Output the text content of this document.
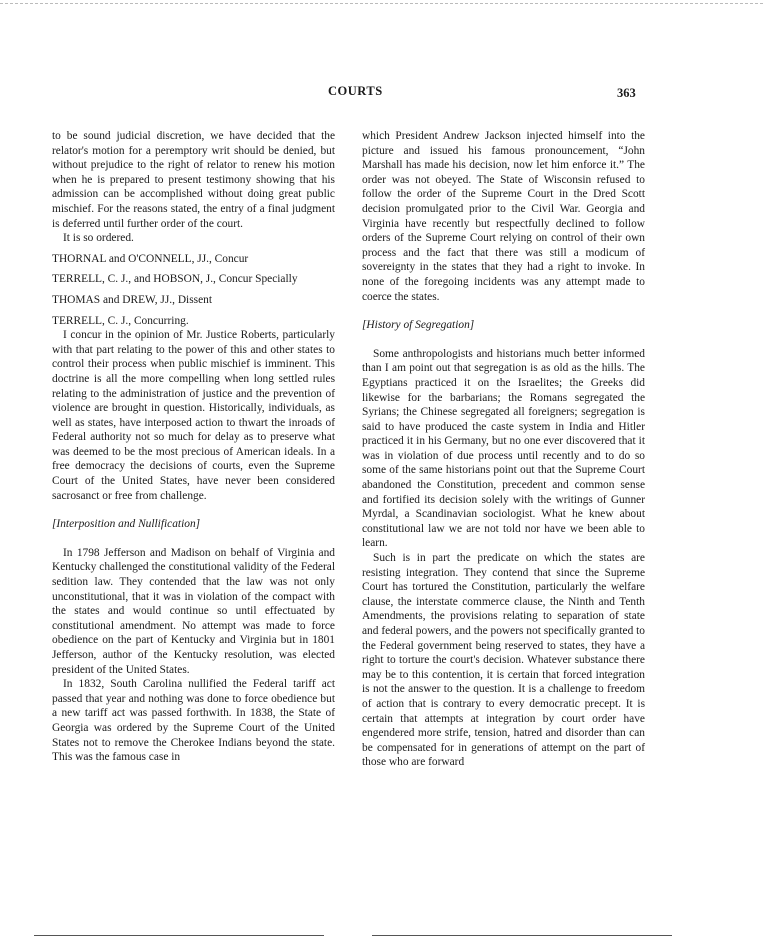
COURTS	363

to be sound judicial discretion, we have decided that the relator's motion for a peremptory writ should be denied, but without prejudice to the right of relator to renew his motion when he is prepared to present testimony showing that his admission can be accomplished without doing great public mischief. For the reasons stated, the entry of a final judgment is deferred until further order of the court.

It is so ordered.

THORNAL and O'CONNELL, JJ., Concur

TERRELL, C. J., and HOBSON, J., Concur Specially

THOMAS and DREW, JJ., Dissent

TERRELL, C. J., Concurring.

I concur in the opinion of Mr. Justice Roberts, particularly with that part relating to the power of this and other states to control their process when public mischief is imminent. This doctrine is all the more compelling when long settled rules relating to the administration of justice and the prevention of violence are brought in question. Historically, individuals, as well as states, have interposed action to thwart the inroads of Federal authority not so much for delay as to preserve what was deemed to be the most precious of American ideals. In a free democracy the decisions of courts, even the Supreme Court of the United States, have never been considered sacrosanct or free from challenge.

[Interposition and Nullification]

In 1798 Jefferson and Madison on behalf of Virginia and Kentucky challenged the constitutional validity of the Federal sedition law. They contended that the law was not only unconstitutional, that it was in violation of the compact with the states and would continue so until effectuated by constitutional amendment. No attempt was made to force obedience on the part of Kentucky and Virginia but in 1801 Jefferson, author of the Kentucky resolution, was elected president of the United States.

In 1832, South Carolina nullified the Federal tariff act passed that year and nothing was done to force obedience but a new tariff act was passed forthwith. In 1838, the State of Georgia was ordered by the Supreme Court of the United States not to remove the Cherokee Indians beyond the state. This was the famous case in

which President Andrew Jackson injected himself into the picture and issued his famous pronouncement, “John Marshall has made his decision, now let him enforce it.” The order was not obeyed. The State of Wisconsin refused to follow the order of the Supreme Court in the Dred Scott decision promulgated prior to the Civil War. Georgia and Virginia have recently but respectfully declined to follow orders of the Supreme Court relying on control of their own process and the fact that there was still a modicum of sovereignty in the states that they had a right to invoke. In none of the foregoing incidents was any attempt made to coerce the states.

[History of Segregation]

Some anthropologists and historians much better informed than I am point out that segregation is as old as the hills. The Egyptians practiced it on the Israelites; the Greeks did likewise for the barbarians; the Romans segregated the Syrians; the Chinese segregated all foreigners; segregation is said to have produced the caste system in India and Hitler practiced it in his Germany, but no one ever discovered that it was in violation of due process until recently and to do so some of the same historians point out that the Supreme Court abandoned the Constitution, precedent and common sense and fortified its decision solely with the writings of Gunner Myrdal, a Scandinavian sociologist. What he knew about constitutional law we are not told nor have we been able to learn.

Such is in part the predicate on which the states are resisting integration. They contend that since the Supreme Court has tortured the Constitution, particularly the welfare clause, the interstate commerce clause, the Ninth and Tenth Amendments, the provisions relating to separation of state and federal powers, and the powers not specifically granted to the Federal government being reserved to states, they have a right to torture the court's decision. Whatever substance there may be to this contention, it is certain that forced integration is not the answer to the question. It is a challenge to freedom of action that is contrary to every democratic precept. It is certain that attempts at integration by court order have engendered more strife, tension, hatred and disorder than can be compensated for in generations of attempt on the part of those who are forward
